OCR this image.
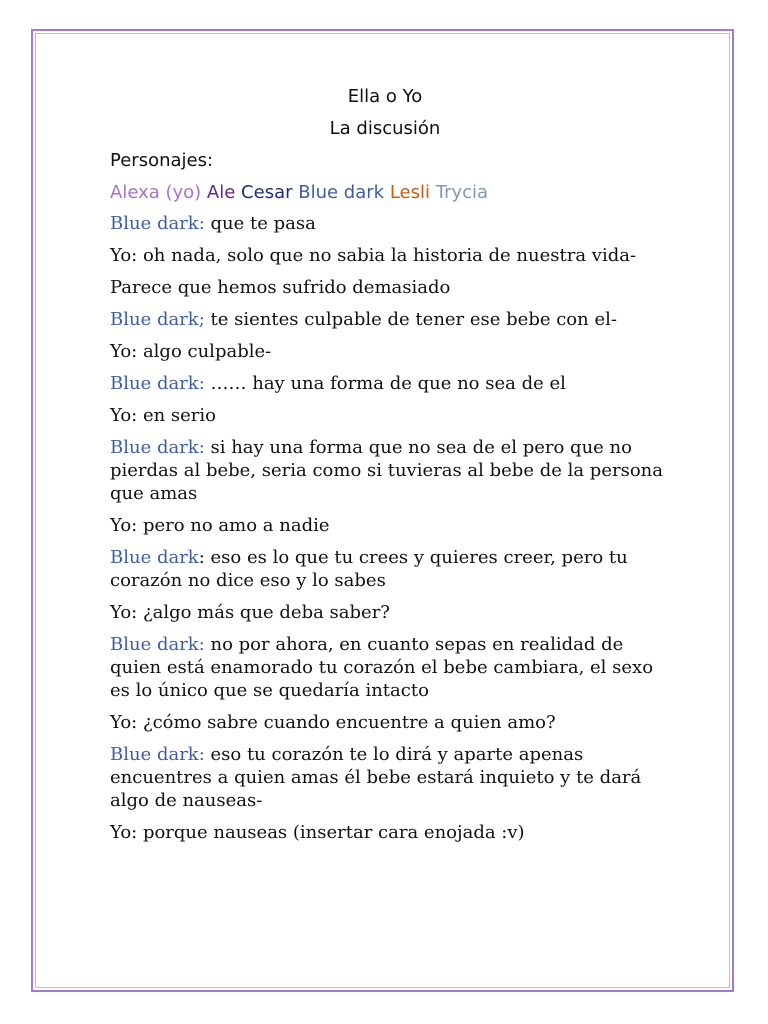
Ella o Yo

La discusión

Personajes:

Alexa (yo) Ale Cesar Blue dark Lesli Trycia

Blue dark: que te pasa

Yo: oh nada, solo que no sabia la historia de nuestra vida-

Parece que hemos sufrido demasiado

Blue dark; te sientes culpable de tener ese bebe con el-

Yo: algo culpable-

Blue dark: …… hay una forma de que no sea de el

Yo: en serio

Blue dark: si hay una forma que no sea de el pero que no pierdas al bebe, seria como si tuvieras al bebe de la persona que amas

Yo: pero no amo a nadie

Blue dark: eso es lo que tu crees y quieres creer, pero tu corazón no dice eso y lo sabes

Yo: ¿algo más que deba saber?

Blue dark: no por ahora, en cuanto sepas en realidad de quien está enamorado tu corazón el bebe cambiara, el sexo es lo único que se quedaría intacto

Yo: ¿cómo sabre cuando encuentre a quien amo?

Blue dark: eso tu corazón te lo dirá y aparte apenas encuentres a quien amas él bebe estará inquieto y te dará algo de nauseas-

Yo: porque nauseas (insertar cara enojada :v)
